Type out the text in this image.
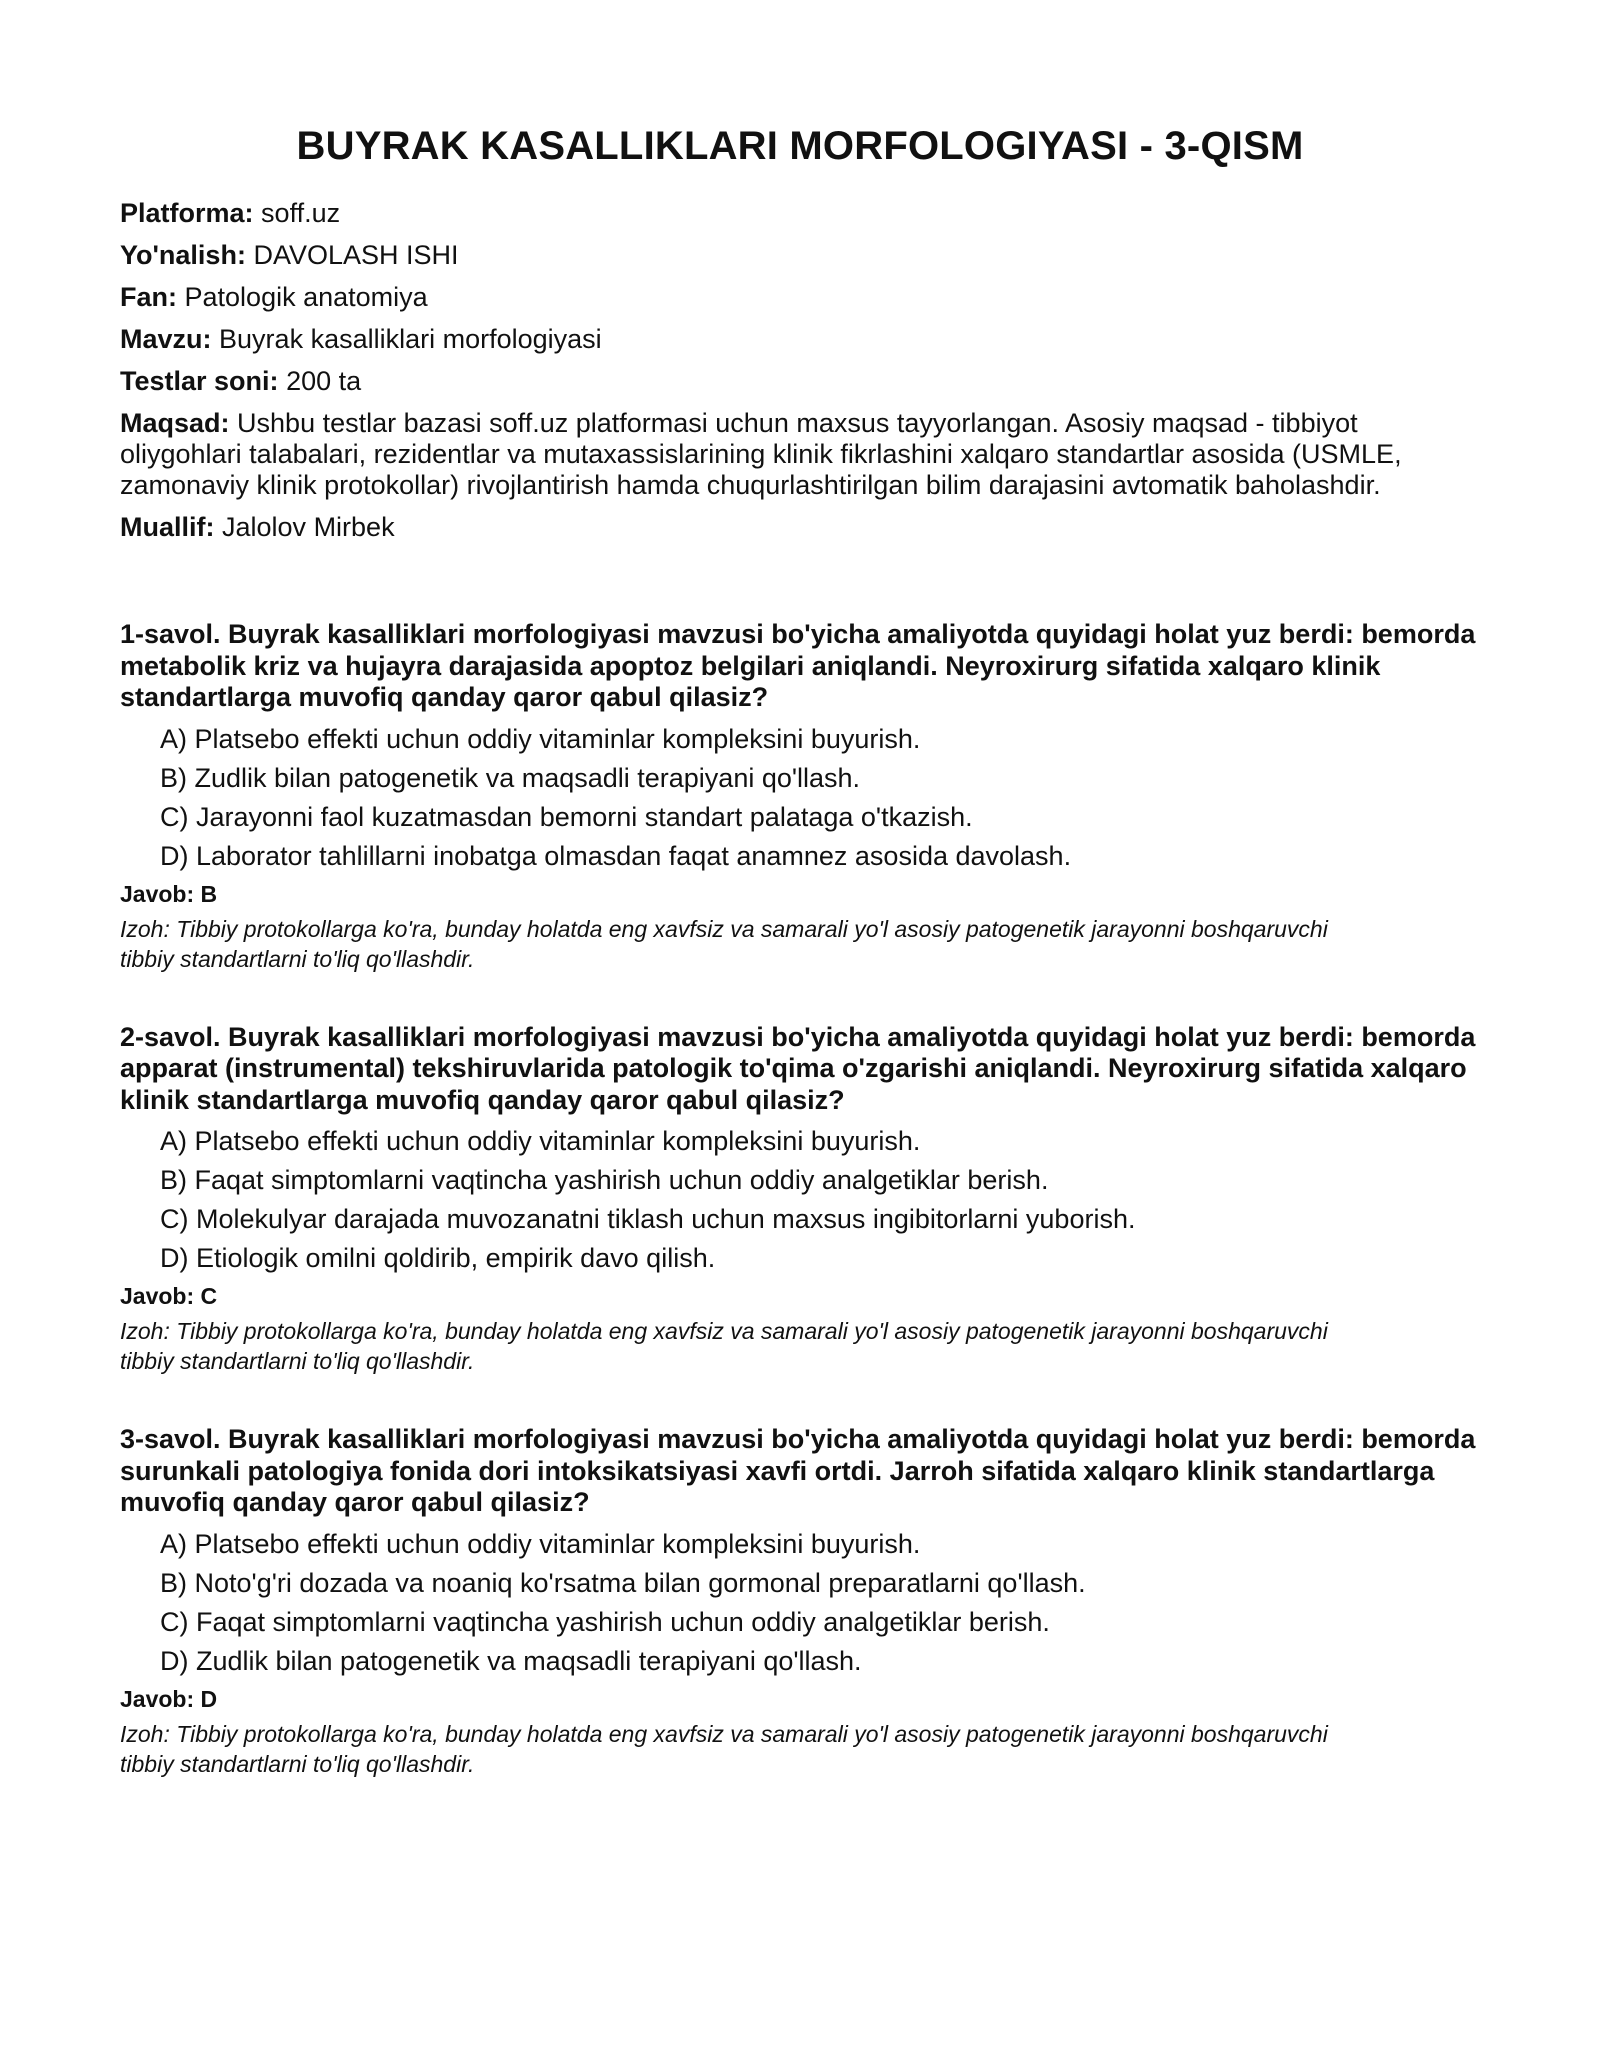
BUYRAK KASALLIKLARI MORFOLOGIYASI - 3-QISM
Platforma: soff.uz
Yo'nalish: DAVOLASH ISHI
Fan: Patologik anatomiya
Mavzu: Buyrak kasalliklari morfologiyasi
Testlar soni: 200 ta
Maqsad: Ushbu testlar bazasi soff.uz platformasi uchun maxsus tayyorlangan. Asosiy maqsad - tibbiyot oliygohlari talabalari, rezidentlar va mutaxassislarining klinik fikrlashini xalqaro standartlar asosida (USMLE, zamonaviy klinik protokollar) rivojlantirish hamda chuqurlashtirilgan bilim darajasini avtomatik baholashdir.
Muallif: Jalolov Mirbek

1-savol. Buyrak kasalliklari morfologiyasi mavzusi bo'yicha amaliyotda quyidagi holat yuz berdi: bemorda metabolik kriz va hujayra darajasida apoptoz belgilari aniqlandi. Neyroxirurg sifatida xalqaro klinik standartlarga muvofiq qanday qaror qabul qilasiz?

A) Platsebo effekti uchun oddiy vitaminlar kompleksini buyurish.
B) Zudlik bilan patogenetik va maqsadli terapiyani qo'llash.
C) Jarayonni faol kuzatmasdan bemorni standart palataga o'tkazish.
D) Laborator tahlillarni inobatga olmasdan faqat anamnez asosida davolash.
Javob: B
Izoh: Tibbiy protokollarga ko'ra, bunday holatda eng xavfsiz va samarali yo'l asosiy patogenetik jarayonni boshqaruvchi tibbiy standartlarni to'liq qo'llashdir.

2-savol. Buyrak kasalliklari morfologiyasi mavzusi bo'yicha amaliyotda quyidagi holat yuz berdi: bemorda apparat (instrumental) tekshiruvlarida patologik to'qima o'zgarishi aniqlandi. Neyroxirurg sifatida xalqaro klinik standartlarga muvofiq qanday qaror qabul qilasiz?

A) Platsebo effekti uchun oddiy vitaminlar kompleksini buyurish.
B) Faqat simptomlarni vaqtincha yashirish uchun oddiy analgetiklar berish.
C) Molekulyar darajada muvozanatni tiklash uchun maxsus ingibitorlarni yuborish.
D) Etiologik omilni qoldirib, empirik davo qilish.
Javob: C
Izoh: Tibbiy protokollarga ko'ra, bunday holatda eng xavfsiz va samarali yo'l asosiy patogenetik jarayonni boshqaruvchi tibbiy standartlarni to'liq qo'llashdir.

3-savol. Buyrak kasalliklari morfologiyasi mavzusi bo'yicha amaliyotda quyidagi holat yuz berdi: bemorda surunkali patologiya fonida dori intoksikatsiyasi xavfi ortdi. Jarroh sifatida xalqaro klinik standartlarga muvofiq qanday qaror qabul qilasiz?

A) Platsebo effekti uchun oddiy vitaminlar kompleksini buyurish.
B) Noto'g'ri dozada va noaniq ko'rsatma bilan gormonal preparatlarni qo'llash.
C) Faqat simptomlarni vaqtincha yashirish uchun oddiy analgetiklar berish.
D) Zudlik bilan patogenetik va maqsadli terapiyani qo'llash.
Javob: D
Izoh: Tibbiy protokollarga ko'ra, bunday holatda eng xavfsiz va samarali yo'l asosiy patogenetik jarayonni boshqaruvchi tibbiy standartlarni to'liq qo'llashdir.
